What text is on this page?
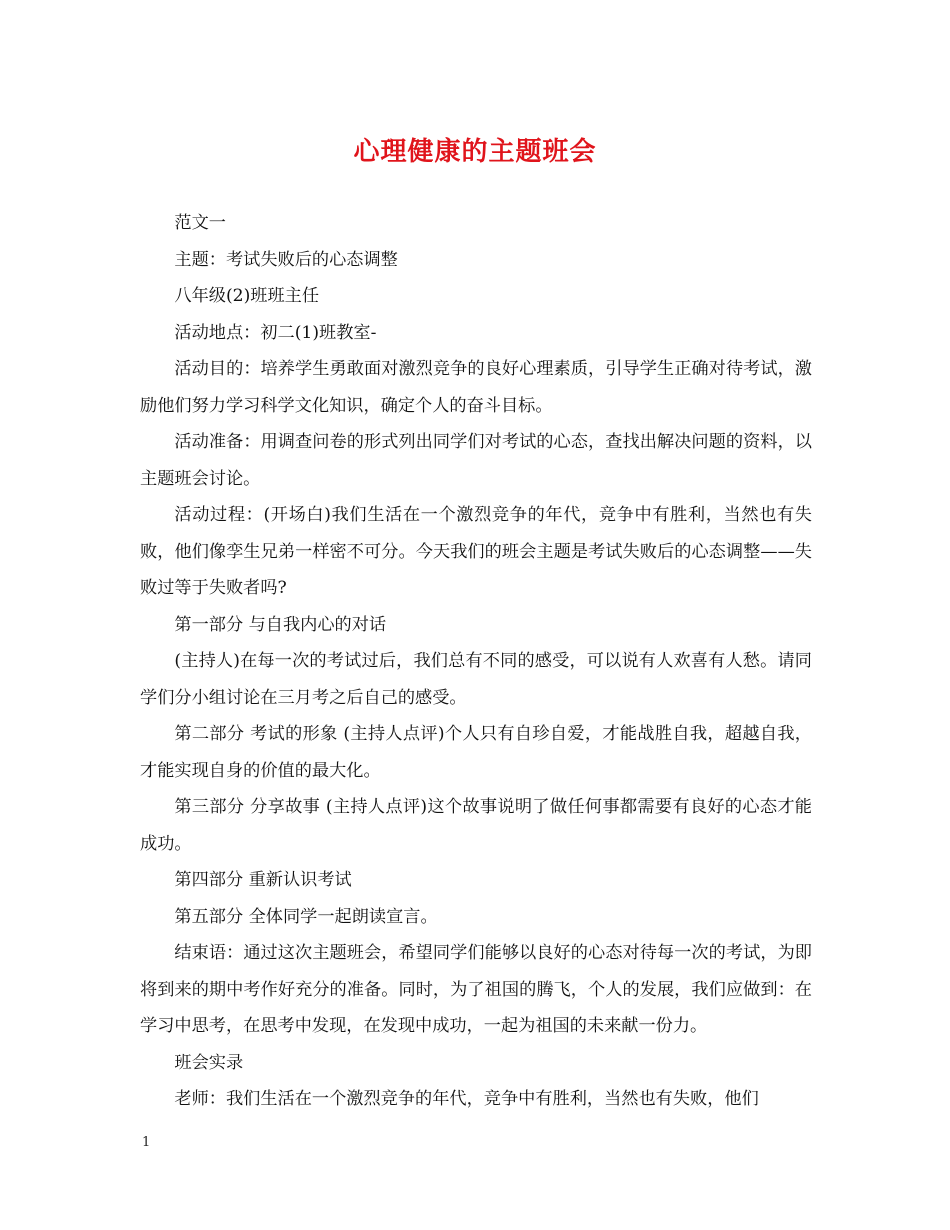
心理健康的主题班会

范文一

主题：考试失败后的心态调整

八年级(2)班班主任

活动地点：初二(1)班教室-

活动目的：培养学生勇敢面对激烈竞争的良好心理素质，引导学生正确对待考试，激励他们努力学习科学文化知识，确定个人的奋斗目标。

活动准备：用调查问卷的形式列出同学们对考试的心态，查找出解决问题的资料，以主题班会讨论。

活动过程：(开场白)我们生活在一个激烈竞争的年代，竞争中有胜利，当然也有失败，他们像孪生兄弟一样密不可分。今天我们的班会主题是考试失败后的心态调整——失败过等于失败者吗?

第一部分 与自我内心的对话

(主持人)在每一次的考试过后，我们总有不同的感受，可以说有人欢喜有人愁。请同学们分小组讨论在三月考之后自己的感受。

第二部分 考试的形象 (主持人点评)个人只有自珍自爱，才能战胜自我，超越自我，才能实现自身的价值的最大化。

第三部分 分享故事 (主持人点评)这个故事说明了做任何事都需要有良好的心态才能成功。

第四部分 重新认识考试

第五部分 全体同学一起朗读宣言。

结束语：通过这次主题班会，希望同学们能够以良好的心态对待每一次的考试，为即将到来的期中考作好充分的准备。同时，为了祖国的腾飞，个人的发展，我们应做到：在学习中思考，在思考中发现，在发现中成功，一起为祖国的未来献一份力。

班会实录

老师：我们生活在一个激烈竞争的年代，竞争中有胜利，当然也有失败，他们

1
